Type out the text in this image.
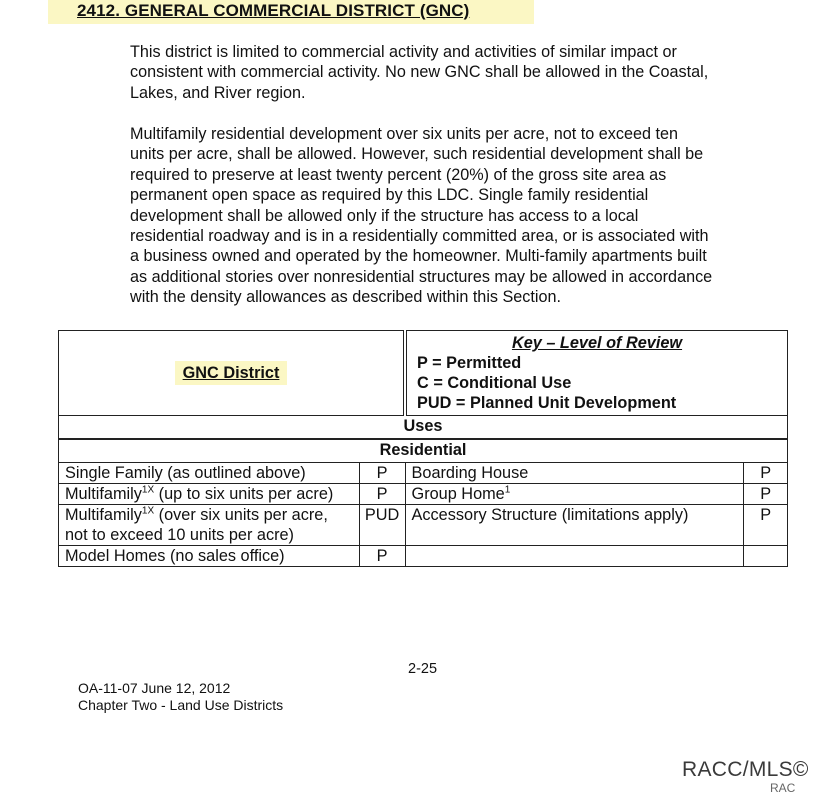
2412. GENERAL COMMERCIAL DISTRICT (GNC)
This district is limited to commercial activity and activities of similar impact or
consistent with commercial activity. No new GNC shall be allowed in the Coastal,
Lakes, and River region.
Multifamily residential development over six units per acre, not to exceed ten
units per acre, shall be allowed. However, such residential development shall be
required to preserve at least twenty percent (20%) of the gross site area as
permanent open space as required by this LDC. Single family residential
development shall be allowed only if the structure has access to a local
residential roadway and is in a residentially committed area, or is associated with
a business owned and operated by the homeowner. Multi-family apartments built
as additional stories over nonresidential structures may be allowed in accordance
with the density allowances as described within this Section.
GNC District		Key – Level of Review
P = Permitted
C = Conditional Use
PUD = Planned Unit Development	

Uses			
Residential			
Single Family (as outlined above)	P	Boarding House	P
Multifamily$^{1X}$ (up to six units per acre)	P	Group Home$^1$	P
Multifamily$^{1X}$ (over six units per acre, not to exceed 10 units per acre)	PUD	Accessory Structure (limitations apply)	P
Model Homes (no sales office)	P		
2-25
OA-11-07 June 12, 2012
Chapter Two - Land Use Districts
RACC/MLS©
RAC
